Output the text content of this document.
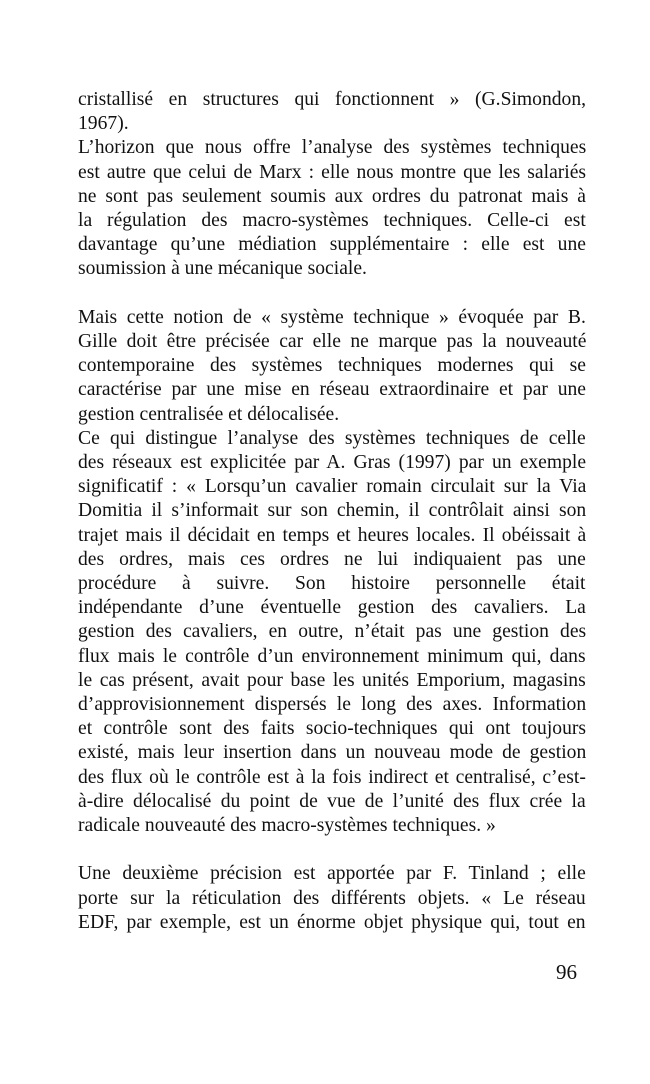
cristallisé en structures qui fonctionnent » (G.Simondon,
1967).
L’horizon que nous offre l’analyse des systèmes techniques
est autre que celui de Marx : elle nous montre que les salariés
ne sont pas seulement soumis aux ordres du patronat mais à
la régulation des macro-systèmes techniques. Celle-ci est
davantage qu’une médiation supplémentaire : elle est une
soumission à une mécanique sociale.
Mais cette notion de « système technique » évoquée par B.
Gille doit être précisée car elle ne marque pas la nouveauté
contemporaine des systèmes techniques modernes qui se
caractérise par une mise en réseau extraordinaire et par une
gestion centralisée et délocalisée.
Ce qui distingue l’analyse des systèmes techniques de celle
des réseaux est explicitée par A. Gras (1997) par un exemple
significatif : « Lorsqu’un cavalier romain circulait sur la Via
Domitia il s’informait sur son chemin, il contrôlait ainsi son
trajet mais il décidait en temps et heures locales. Il obéissait à
des ordres, mais ces ordres ne lui indiquaient pas une
procédure à suivre. Son histoire personnelle était
indépendante d’une éventuelle gestion des cavaliers. La
gestion des cavaliers, en outre, n’était pas une gestion des
flux mais le contrôle d’un environnement minimum qui, dans
le cas présent, avait pour base les unités Emporium, magasins
d’approvisionnement dispersés le long des axes. Information
et contrôle sont des faits socio-techniques qui ont toujours
existé, mais leur insertion dans un nouveau mode de gestion
des flux où le contrôle est à la fois indirect et centralisé, c’est-
à-dire délocalisé du point de vue de l’unité des flux crée la
radicale nouveauté des macro-systèmes techniques. »
Une deuxième précision est apportée par F. Tinland ; elle
porte sur la réticulation des différents objets. « Le réseau
EDF, par exemple, est un énorme objet physique qui, tout en
96
